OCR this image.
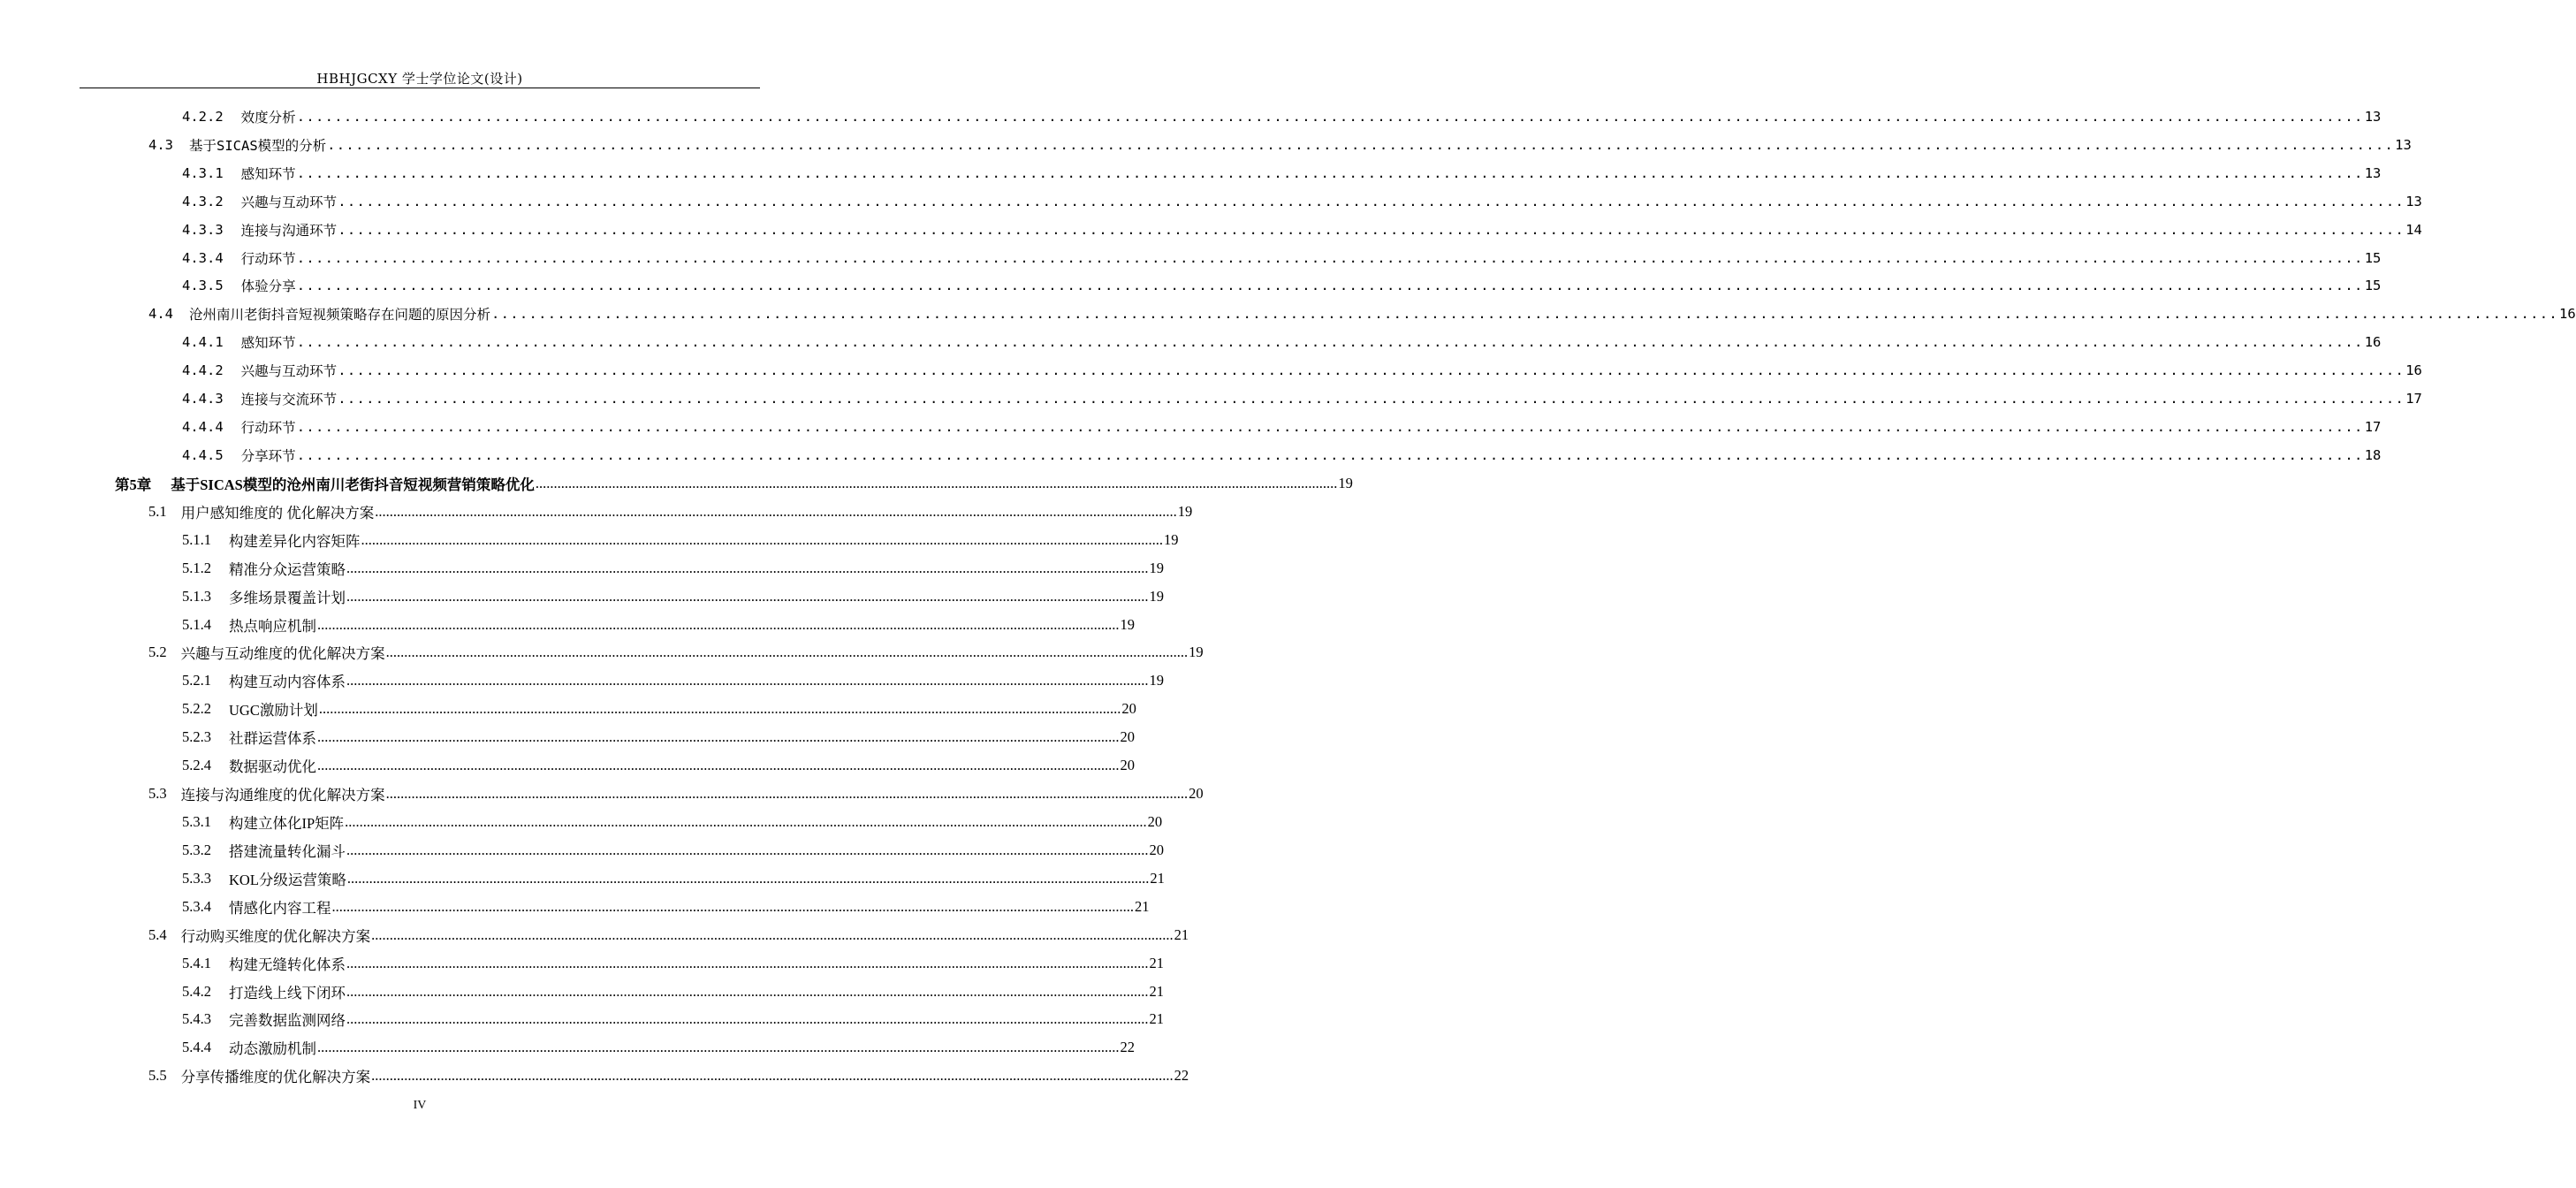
HBHJGCXY 学士学位论文(设计)
4.2.2 效度分析 ............................................................................................................................................................................................................................ 13
4.3 基于SICAS模型的分析 ............................................................................................................................................................................................................................ 13
4.3.1 感知环节 ............................................................................................................................................................................................................................ 13
4.3.2 兴趣与互动环节 ............................................................................................................................................................................................................................ 13
4.3.3 连接与沟通环节 ............................................................................................................................................................................................................................ 14
4.3.4 行动环节 ............................................................................................................................................................................................................................ 15
4.3.5 体验分享 ............................................................................................................................................................................................................................ 15
4.4 沧州南川老街抖音短视频策略存在问题的原因分析 ............................................................................................................................................................................................................................ 16
4.4.1 感知环节 ............................................................................................................................................................................................................................ 16
4.4.2 兴趣与互动环节 ............................................................................................................................................................................................................................ 16
4.4.3 连接与交流环节 ............................................................................................................................................................................................................................ 17
4.4.4 行动环节 ............................................................................................................................................................................................................................ 17
4.4.5 分享环节 ............................................................................................................................................................................................................................ 18
第5章 基于SICAS模型的沧州南川老街抖音短视频营销策略优化 ............................................................................................................................................................................................................................ 19
5.1 用户感知维度的 优化解决方案 ............................................................................................................................................................................................................................ 19
5.1.1 构建差异化内容矩阵 ............................................................................................................................................................................................................................ 19
5.1.2 精准分众运营策略 ............................................................................................................................................................................................................................ 19
5.1.3 多维场景覆盖计划 ............................................................................................................................................................................................................................ 19
5.1.4 热点响应机制 ............................................................................................................................................................................................................................ 19
5.2 兴趣与互动维度的优化解决方案 ............................................................................................................................................................................................................................ 19
5.2.1 构建互动内容体系 ............................................................................................................................................................................................................................ 19
5.2.2 UGC激励计划 ............................................................................................................................................................................................................................ 20
5.2.3 社群运营体系 ............................................................................................................................................................................................................................ 20
5.2.4 数据驱动优化 ............................................................................................................................................................................................................................ 20
5.3 连接与沟通维度的优化解决方案 ............................................................................................................................................................................................................................ 20
5.3.1 构建立体化IP矩阵 ............................................................................................................................................................................................................................ 20
5.3.2 搭建流量转化漏斗 ............................................................................................................................................................................................................................ 20
5.3.3 KOL分级运营策略 ............................................................................................................................................................................................................................ 21
5.3.4 情感化内容工程 ............................................................................................................................................................................................................................ 21
5.4 行动购买维度的优化解决方案 ............................................................................................................................................................................................................................ 21
5.4.1 构建无缝转化体系 ............................................................................................................................................................................................................................ 21
5.4.2 打造线上线下闭环 ............................................................................................................................................................................................................................ 21
5.4.3 完善数据监测网络 ............................................................................................................................................................................................................................ 21
5.4.4 动态激励机制 ............................................................................................................................................................................................................................ 22
5.5 分享传播维度的优化解决方案 ............................................................................................................................................................................................................................ 22
IV
